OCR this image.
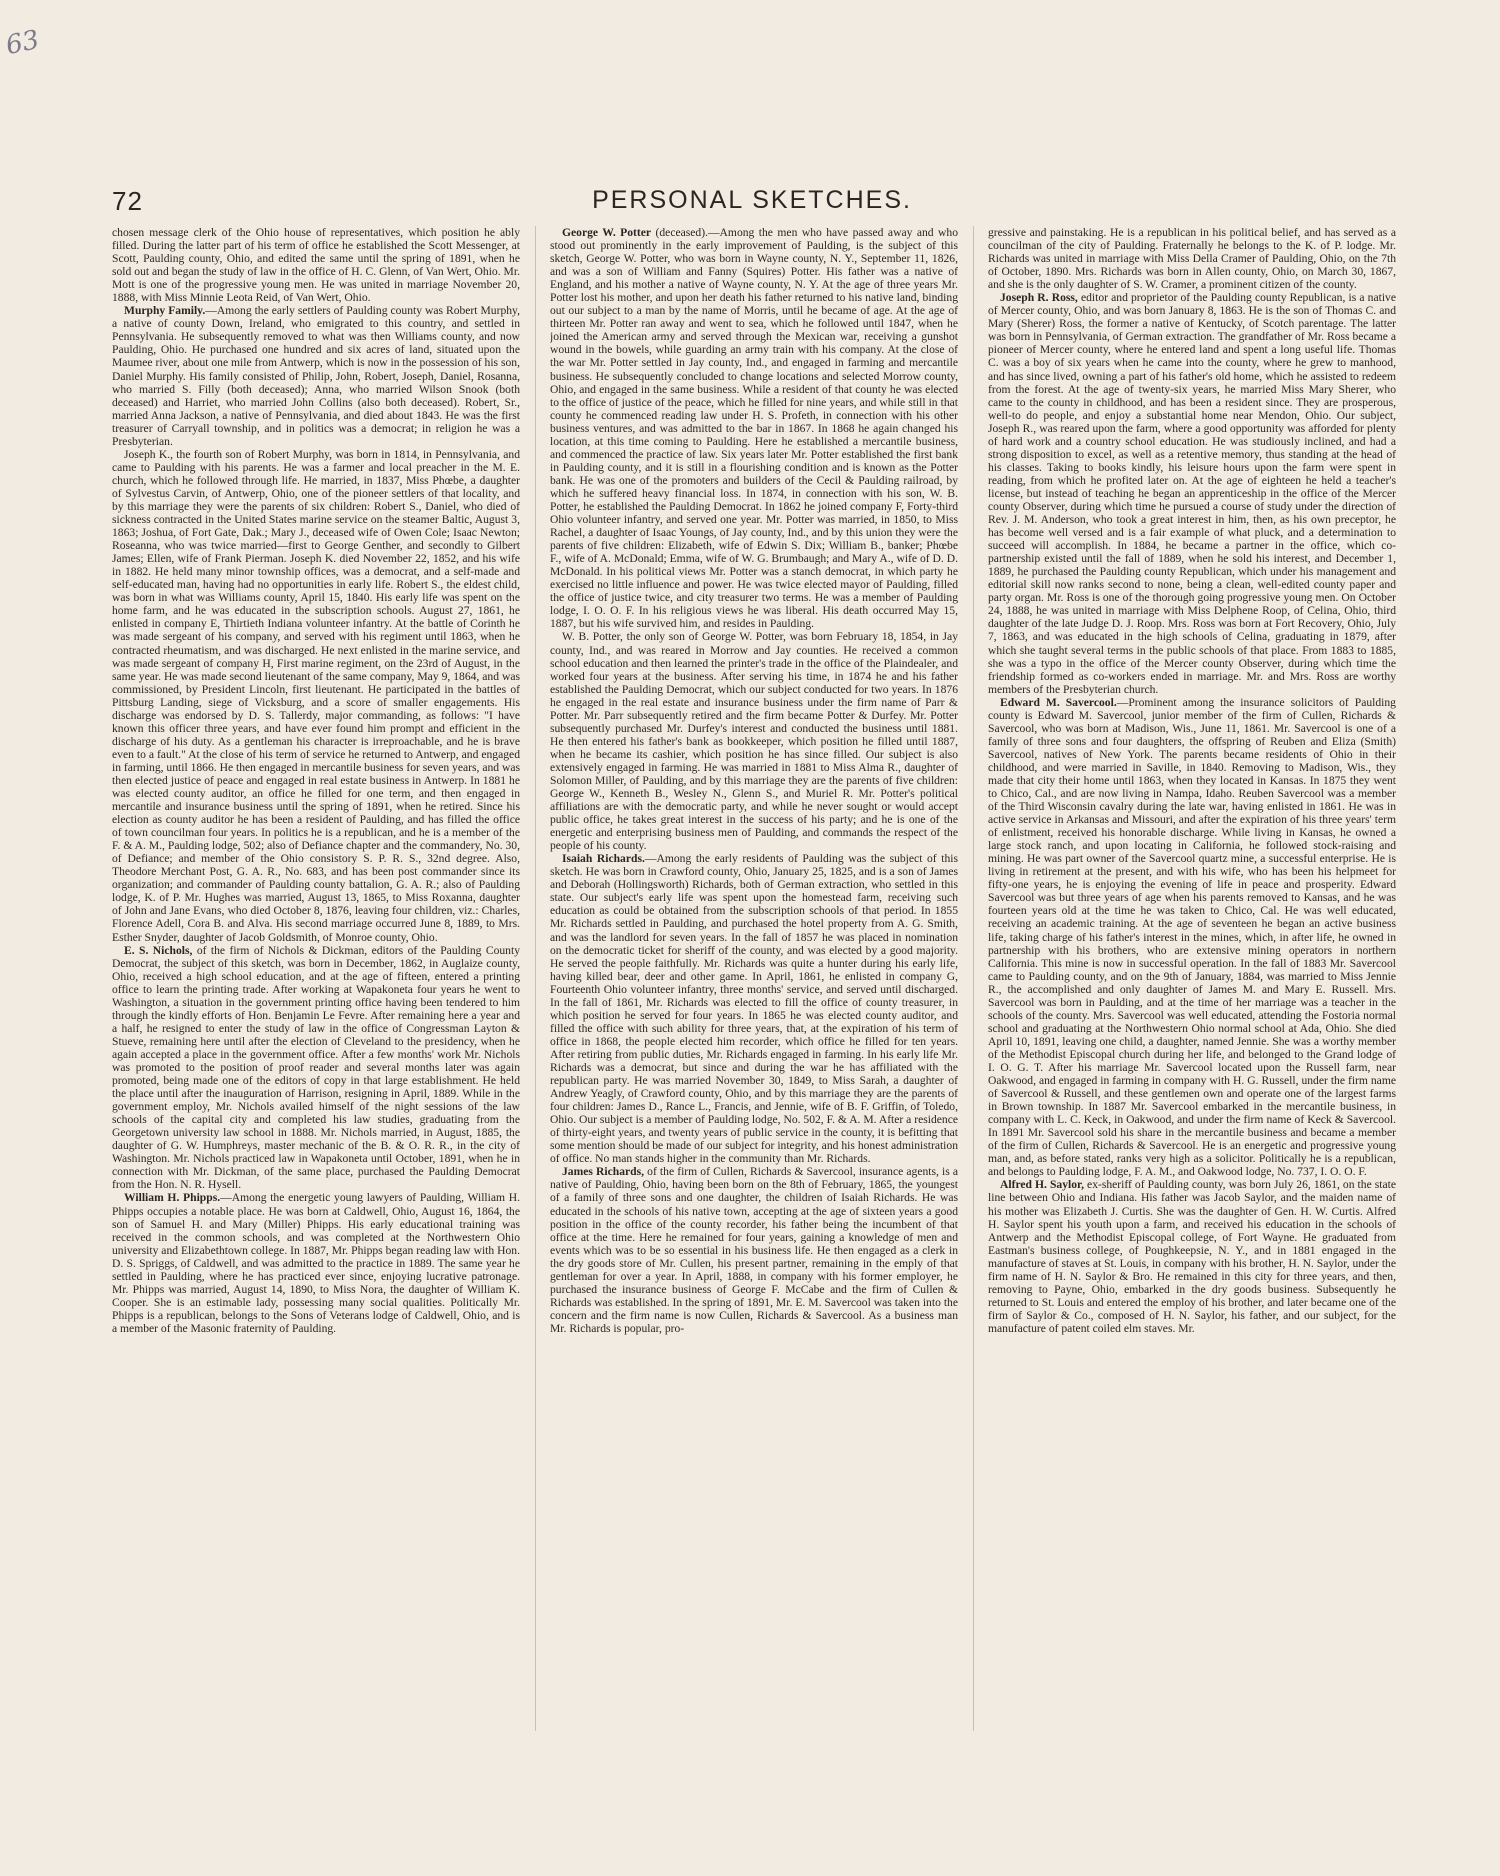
63
72	PERSONAL SKETCHES.

chosen message clerk of the Ohio house of representatives, which position he ably filled. During the latter part of his term of office he established the Scott Messenger, at Scott, Paulding county, Ohio, and edited the same until the spring of 1891, when he sold out and began the study of law in the office of H. C. Glenn, of Van Wert, Ohio. Mr. Mott is one of the progressive young men. He was united in marriage November 20, 1888, with Miss Minnie Leota Reid, of Van Wert, Ohio.

Murphy Family.—Among the early settlers of Paulding county was Robert Murphy, a native of county Down, Ireland, who emigrated to this country, and settled in Pennsylvania. He subsequently removed to what was then Williams county, and now Paulding, Ohio. He purchased one hundred and six acres of land, situated upon the Maumee river, about one mile from Antwerp, which is now in the possession of his son, Daniel Murphy. His family consisted of Philip, John, Robert, Joseph, Daniel, Rosanna, who married S. Filly (both deceased); Anna, who married Wilson Snook (both deceased) and Harriet, who married John Collins (also both deceased). Robert, Sr., married Anna Jackson, a native of Pennsylvania, and died about 1843. He was the first treasurer of Carryall township, and in politics was a democrat; in religion he was a Presbyterian.

Joseph K., the fourth son of Robert Murphy, was born in 1814, in Pennsylvania, and came to Paulding with his parents. He was a farmer and local preacher in the M. E. church, which he followed through life. He married, in 1837, Miss Phœbe, a daughter of Sylvestus Carvin, of Antwerp, Ohio, one of the pioneer settlers of that locality, and by this marriage they were the parents of six children: Robert S., Daniel, who died of sickness contracted in the United States marine service on the steamer Baltic, August 3, 1863; Joshua, of Fort Gate, Dak.; Mary J., deceased wife of Owen Cole; Isaac Newton; Roseanna, who was twice married—first to George Genther, and secondly to Gilbert James; Ellen, wife of Frank Pierman. Joseph K. died November 22, 1852, and his wife in 1882. He held many minor township offices, was a democrat, and a self-made and self-educated man, having had no opportunities in early life. Robert S., the eldest child, was born in what was Williams county, April 15, 1840. His early life was spent on the home farm, and he was educated in the subscription schools. August 27, 1861, he enlisted in company E, Thirtieth Indiana volunteer infantry. At the battle of Corinth he was made sergeant of his company, and served with his regiment until 1863, when he contracted rheumatism, and was discharged. He next enlisted in the marine service, and was made sergeant of company H, First marine regiment, on the 23rd of August, in the same year. He was made second lieutenant of the same company, May 9, 1864, and was commissioned, by President Lincoln, first lieutenant. He participated in the battles of Pittsburg Landing, siege of Vicksburg, and a score of smaller engagements. His discharge was endorsed by D. S. Tallerdy, major commanding, as follows: "I have known this officer three years, and have ever found him prompt and efficient in the discharge of his duty. As a gentleman his character is irreproachable, and he is brave even to a fault." At the close of his term of service he returned to Antwerp, and engaged in farming, until 1866. He then engaged in mercantile business for seven years, and was then elected justice of peace and engaged in real estate business in Antwerp. In 1881 he was elected county auditor, an office he filled for one term, and then engaged in mercantile and insurance business until the spring of 1891, when he retired. Since his election as county auditor he has been a resident of Paulding, and has filled the office of town councilman four years. In politics he is a republican, and he is a member of the F. & A. M., Paulding lodge, 502; also of Defiance chapter and the commandery, No. 30, of Defiance; and member of the Ohio consistory S. P. R. S., 32nd degree. Also, Theodore Merchant Post, G. A. R., No. 683, and has been post commander since its organization; and commander of Paulding county battalion, G. A. R.; also of Paulding lodge, K. of P. Mr. Hughes was married, August 13, 1865, to Miss Roxanna, daughter of John and Jane Evans, who died October 8, 1876, leaving four children, viz.: Charles, Florence Adell, Cora B. and Alva. His second marriage occurred June 8, 1889, to Mrs. Esther Snyder, daughter of Jacob Goldsmith, of Monroe county, Ohio.

E. S. Nichols, of the firm of Nichols & Dickman, editors of the Paulding County Democrat, the subject of this sketch, was born in December, 1862, in Auglaize county, Ohio, received a high school education, and at the age of fifteen, entered a printing office to learn the printing trade. After working at Wapakoneta four years he went to Washington, a situation in the government printing office having been tendered to him through the kindly efforts of Hon. Benjamin Le Fevre. After remaining here a year and a half, he resigned to enter the study of law in the office of Congressman Layton & Stueve, remaining here until after the election of Cleveland to the presidency, when he again accepted a place in the government office. After a few months' work Mr. Nichols was promoted to the position of proof reader and several months later was again promoted, being made one of the editors of copy in that large establishment. He held the place until after the inauguration of Harrison, resigning in April, 1889. While in the government employ, Mr. Nichols availed himself of the night sessions of the law schools of the capital city and completed his law studies, graduating from the Georgetown university law school in 1888. Mr. Nichols married, in August, 1885, the daughter of G. W. Humphreys, master mechanic of the B. & O. R. R., in the city of Washington. Mr. Nichols practiced law in Wapakoneta until October, 1891, when he in connection with Mr. Dickman, of the same place, purchased the Paulding Democrat from the Hon. N. R. Hysell.

William H. Phipps.—Among the energetic young lawyers of Paulding, William H. Phipps occupies a notable place. He was born at Caldwell, Ohio, August 16, 1864, the son of Samuel H. and Mary (Miller) Phipps. His early educational training was received in the common schools, and was completed at the Northwestern Ohio university and Elizabethtown college. In 1887, Mr. Phipps began reading law with Hon. D. S. Spriggs, of Caldwell, and was admitted to the practice in 1889. The same year he settled in Paulding, where he has practiced ever since, enjoying lucrative patronage. Mr. Phipps was married, August 14, 1890, to Miss Nora, the daughter of William K. Cooper. She is an estimable lady, possessing many social qualities. Politically Mr. Phipps is a republican, belongs to the Sons of Veterans lodge of Caldwell, Ohio, and is a member of the Masonic fraternity of Paulding.

George W. Potter (deceased).—Among the men who have passed away and who stood out prominently in the early improvement of Paulding, is the subject of this sketch, George W. Potter, who was born in Wayne county, N. Y., September 11, 1826, and was a son of William and Fanny (Squires) Potter. His father was a native of England, and his mother a native of Wayne county, N. Y. At the age of three years Mr. Potter lost his mother, and upon her death his father returned to his native land, binding out our subject to a man by the name of Morris, until he became of age. At the age of thirteen Mr. Potter ran away and went to sea, which he followed until 1847, when he joined the American army and served through the Mexican war, receiving a gunshot wound in the bowels, while guarding an army train with his company. At the close of the war Mr. Potter settled in Jay county, Ind., and engaged in farming and mercantile business. He subsequently concluded to change locations and selected Morrow county, Ohio, and engaged in the same business. While a resident of that county he was elected to the office of justice of the peace, which he filled for nine years, and while still in that county he commenced reading law under H. S. Profeth, in connection with his other business ventures, and was admitted to the bar in 1867. In 1868 he again changed his location, at this time coming to Paulding. Here he established a mercantile business, and commenced the practice of law. Six years later Mr. Potter established the first bank in Paulding county, and it is still in a flourishing condition and is known as the Potter bank. He was one of the promoters and builders of the Cecil & Paulding railroad, by which he suffered heavy financial loss. In 1874, in connection with his son, W. B. Potter, he established the Paulding Democrat. In 1862 he joined company F, Forty-third Ohio volunteer infantry, and served one year. Mr. Potter was married, in 1850, to Miss Rachel, a daughter of Isaac Youngs, of Jay county, Ind., and by this union they were the parents of five children: Elizabeth, wife of Edwin S. Dix; William B., banker; Phœbe F., wife of A. McDonald; Emma, wife of W. G. Brumbaugh; and Mary A., wife of D. D. McDonald. In his political views Mr. Potter was a stanch democrat, in which party he exercised no little influence and power. He was twice elected mayor of Paulding, filled the office of justice twice, and city treasurer two terms. He was a member of Paulding lodge, I. O. O. F. In his religious views he was liberal. His death occurred May 15, 1887, but his wife survived him, and resides in Paulding.

W. B. Potter, the only son of George W. Potter, was born February 18, 1854, in Jay county, Ind., and was reared in Morrow and Jay counties. He received a common school education and then learned the printer's trade in the office of the Plaindealer, and worked four years at the business. After serving his time, in 1874 he and his father established the Paulding Democrat, which our subject conducted for two years. In 1876 he engaged in the real estate and insurance business under the firm name of Parr & Potter. Mr. Parr subsequently retired and the firm became Potter & Durfey. Mr. Potter subsequently purchased Mr. Durfey's interest and conducted the business until 1881. He then entered his father's bank as bookkeeper, which position he filled until 1887, when he became its cashier, which position he has since filled. Our subject is also extensively engaged in farming. He was married in 1881 to Miss Alma R., daughter of Solomon Miller, of Paulding, and by this marriage they are the parents of five children: George W., Kenneth B., Wesley N., Glenn S., and Muriel R. Mr. Potter's political affiliations are with the democratic party, and while he never sought or would accept public office, he takes great interest in the success of his party; and he is one of the energetic and enterprising business men of Paulding, and commands the respect of the people of his county.

Isaiah Richards.—Among the early residents of Paulding was the subject of this sketch. He was born in Crawford county, Ohio, January 25, 1825, and is a son of James and Deborah (Hollingsworth) Richards, both of German extraction, who settled in this state. Our subject's early life was spent upon the homestead farm, receiving such education as could be obtained from the subscription schools of that period. In 1855 Mr. Richards settled in Paulding, and purchased the hotel property from A. G. Smith, and was the landlord for seven years. In the fall of 1857 he was placed in nomination on the democratic ticket for sheriff of the county, and was elected by a good majority. He served the people faithfully. Mr. Richards was quite a hunter during his early life, having killed bear, deer and other game. In April, 1861, he enlisted in company G, Fourteenth Ohio volunteer infantry, three months' service, and served until discharged. In the fall of 1861, Mr. Richards was elected to fill the office of county treasurer, in which position he served for four years. In 1865 he was elected county auditor, and filled the office with such ability for three years, that, at the expiration of his term of office in 1868, the people elected him recorder, which office he filled for ten years. After retiring from public duties, Mr. Richards engaged in farming. In his early life Mr. Richards was a democrat, but since and during the war he has affiliated with the republican party. He was married November 30, 1849, to Miss Sarah, a daughter of Andrew Yeagly, of Crawford county, Ohio, and by this marriage they are the parents of four children: James D., Rance L., Francis, and Jennie, wife of B. F. Griffin, of Toledo, Ohio. Our subject is a member of Paulding lodge, No. 502, F. & A. M. After a residence of thirty-eight years, and twenty years of public service in the county, it is befitting that some mention should be made of our subject for integrity, and his honest administration of office. No man stands higher in the community than Mr. Richards.

James Richards, of the firm of Cullen, Richards & Savercool, insurance agents, is a native of Paulding, Ohio, having been born on the 8th of February, 1865, the youngest of a family of three sons and one daughter, the children of Isaiah Richards. He was educated in the schools of his native town, accepting at the age of sixteen years a good position in the office of the county recorder, his father being the incumbent of that office at the time. Here he remained for four years, gaining a knowledge of men and events which was to be so essential in his business life. He then engaged as a clerk in the dry goods store of Mr. Cullen, his present partner, remaining in the emply of that gentleman for over a year. In April, 1888, in company with his former employer, he purchased the insurance business of George F. McCabe and the firm of Cullen & Richards was established. In the spring of 1891, Mr. E. M. Savercool was taken into the concern and the firm name is now Cullen, Richards & Savercool. As a business man Mr. Richards is popular, pro-

gressive and painstaking. He is a republican in his political belief, and has served as a councilman of the city of Paulding. Fraternally he belongs to the K. of P. lodge. Mr. Richards was united in marriage with Miss Della Cramer of Paulding, Ohio, on the 7th of October, 1890. Mrs. Richards was born in Allen county, Ohio, on March 30, 1867, and she is the only daughter of S. W. Cramer, a prominent citizen of the county.

Joseph R. Ross, editor and proprietor of the Paulding county Republican, is a native of Mercer county, Ohio, and was born January 8, 1863. He is the son of Thomas C. and Mary (Sherer) Ross, the former a native of Kentucky, of Scotch parentage. The latter was born in Pennsylvania, of German extraction. The grandfather of Mr. Ross became a pioneer of Mercer county, where he entered land and spent a long useful life. Thomas C. was a boy of six years when he came into the county, where he grew to manhood, and has since lived, owning a part of his father's old home, which he assisted to redeem from the forest. At the age of twenty-six years, he married Miss Mary Sherer, who came to the county in childhood, and has been a resident since. They are prosperous, well-to do people, and enjoy a substantial home near Mendon, Ohio. Our subject, Joseph R., was reared upon the farm, where a good opportunity was afforded for plenty of hard work and a country school education. He was studiously inclined, and had a strong disposition to excel, as well as a retentive memory, thus standing at the head of his classes. Taking to books kindly, his leisure hours upon the farm were spent in reading, from which he profited later on. At the age of eighteen he held a teacher's license, but instead of teaching he began an apprenticeship in the office of the Mercer county Observer, during which time he pursued a course of study under the direction of Rev. J. M. Anderson, who took a great interest in him, then, as his own preceptor, he has become well versed and is a fair example of what pluck, and a determination to succeed will accomplish. In 1884, he became a partner in the office, which co-partnership existed until the fall of 1889, when he sold his interest, and December 1, 1889, he purchased the Paulding county Republican, which under his management and editorial skill now ranks second to none, being a clean, well-edited county paper and party organ. Mr. Ross is one of the thorough going progressive young men. On October 24, 1888, he was united in marriage with Miss Delphene Roop, of Celina, Ohio, third daughter of the late Judge D. J. Roop. Mrs. Ross was born at Fort Recovery, Ohio, July 7, 1863, and was educated in the high schools of Celina, graduating in 1879, after which she taught several terms in the public schools of that place. From 1883 to 1885, she was a typo in the office of the Mercer county Observer, during which time the friendship formed as co-workers ended in marriage. Mr. and Mrs. Ross are worthy members of the Presbyterian church.

Edward M. Savercool.—Prominent among the insurance solicitors of Paulding county is Edward M. Savercool, junior member of the firm of Cullen, Richards & Savercool, who was born at Madison, Wis., June 11, 1861. Mr. Savercool is one of a family of three sons and four daughters, the offspring of Reuben and Eliza (Smith) Savercool, natives of New York. The parents became residents of Ohio in their childhood, and were married in Saville, in 1840. Removing to Madison, Wis., they made that city their home until 1863, when they located in Kansas. In 1875 they went to Chico, Cal., and are now living in Nampa, Idaho. Reuben Savercool was a member of the Third Wisconsin cavalry during the late war, having enlisted in 1861. He was in active service in Arkansas and Missouri, and after the expiration of his three years' term of enlistment, received his honorable discharge. While living in Kansas, he owned a large stock ranch, and upon locating in California, he followed stock-raising and mining. He was part owner of the Savercool quartz mine, a successful enterprise. He is living in retirement at the present, and with his wife, who has been his helpmeet for fifty-one years, he is enjoying the evening of life in peace and prosperity. Edward Savercool was but three years of age when his parents removed to Kansas, and he was fourteen years old at the time he was taken to Chico, Cal. He was well educated, receiving an academic training. At the age of seventeen he began an active business life, taking charge of his father's interest in the mines, which, in after life, he owned in partnership with his brothers, who are extensive mining operators in northern California. This mine is now in successful operation. In the fall of 1883 Mr. Savercool came to Paulding county, and on the 9th of January, 1884, was married to Miss Jennie R., the accomplished and only daughter of James M. and Mary E. Russell. Mrs. Savercool was born in Paulding, and at the time of her marriage was a teacher in the schools of the county. Mrs. Savercool was well educated, attending the Fostoria normal school and graduating at the Northwestern Ohio normal school at Ada, Ohio. She died April 10, 1891, leaving one child, a daughter, named Jennie. She was a worthy member of the Methodist Episcopal church during her life, and belonged to the Grand lodge of I. O. G. T. After his marriage Mr. Savercool located upon the Russell farm, near Oakwood, and engaged in farming in company with H. G. Russell, under the firm name of Savercool & Russell, and these gentlemen own and operate one of the largest farms in Brown township. In 1887 Mr. Savercool embarked in the mercantile business, in company with L. C. Keck, in Oakwood, and under the firm name of Keck & Savercool. In 1891 Mr. Savercool sold his share in the mercantile business and became a member of the firm of Cullen, Richards & Savercool. He is an energetic and progressive young man, and, as before stated, ranks very high as a solicitor. Politically he is a republican, and belongs to Paulding lodge, F. A. M., and Oakwood lodge, No. 737, I. O. O. F.

Alfred H. Saylor, ex-sheriff of Paulding county, was born July 26, 1861, on the state line between Ohio and Indiana. His father was Jacob Saylor, and the maiden name of his mother was Elizabeth J. Curtis. She was the daughter of Gen. H. W. Curtis. Alfred H. Saylor spent his youth upon a farm, and received his education in the schools of Antwerp and the Methodist Episcopal college, of Fort Wayne. He graduated from Eastman's business college, of Poughkeepsie, N. Y., and in 1881 engaged in the manufacture of staves at St. Louis, in company with his brother, H. N. Saylor, under the firm name of H. N. Saylor & Bro. He remained in this city for three years, and then, removing to Payne, Ohio, embarked in the dry goods business. Subsequently he returned to St. Louis and entered the employ of his brother, and later became one of the firm of Saylor & Co., composed of H. N. Saylor, his father, and our subject, for the manufacture of patent coiled elm staves. Mr.
